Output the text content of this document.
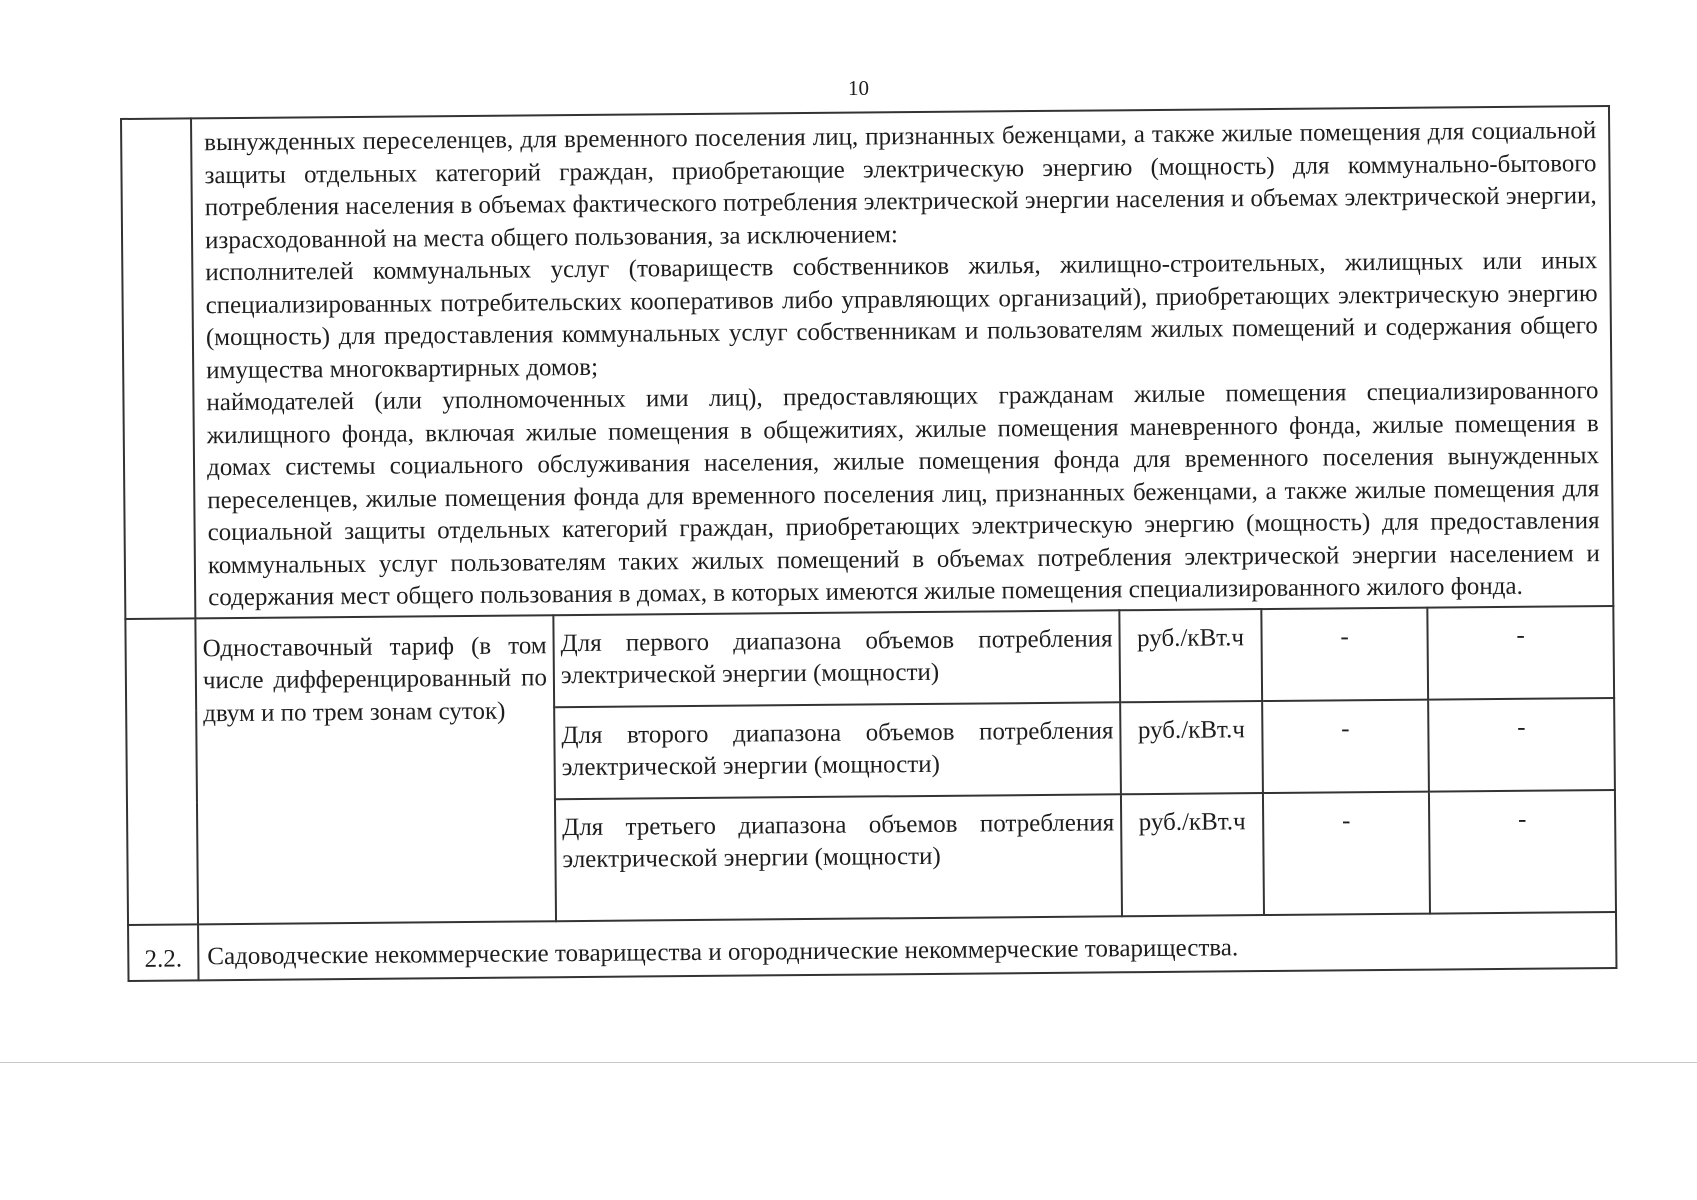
10

	вынужденных переселенцев, для временного поселения лиц, признанных беженцами, а также жилые помещения для социальной защиты отдельных категорий граждан, приобретающие электрическую энергию (мощность) для коммунально-бытового потребления населения в объемах фактического потребления электрической энергии населения и объемах электрической энергии, израсходованной на места общего пользования, за исключением:
исполнителей коммунальных услуг (товариществ собственников жилья, жилищно-строительных, жилищных или иных специализированных потребительских кооперативов либо управляющих организаций), приобретающих электрическую энергию (мощность) для предоставления коммунальных услуг собственникам и пользователям жилых помещений и содержания общего имущества многоквартирных домов;
наймодателей (или уполномоченных ими лиц), предоставляющих гражданам жилые помещения специализированного жилищного фонда, включая жилые помещения в общежитиях, жилые помещения маневренного фонда, жилые помещения в домах системы социального обслуживания населения, жилые помещения фонда для временного поселения вынужденных переселенцев, жилые помещения фонда для временного поселения лиц, признанных беженцами, а также жилые помещения для социальной защиты отдельных категорий граждан, приобретающих электрическую энергию (мощность) для предоставления коммунальных услуг пользователям таких жилых помещений в объемах потребления электрической энергии населением и содержания мест общего пользования в домах, в которых имеются жилые помещения специализированного жилого фонда.				

	Одноставочный тариф (в том числе дифференцированный по двум и по трем зонам суток)	Для первого диапазона объемов потребления электрической энергии (мощности)	руб./кВт.ч	-	-

		Для второго диапазона объемов потребления электрической энергии (мощности)	руб./кВт.ч	-	-

		Для третьего диапазона объемов потребления электрической энергии (мощности)	руб./кВт.ч	-	-
2.2.	Садоводческие некоммерческие товарищества и огороднические некоммерческие товарищества.				
